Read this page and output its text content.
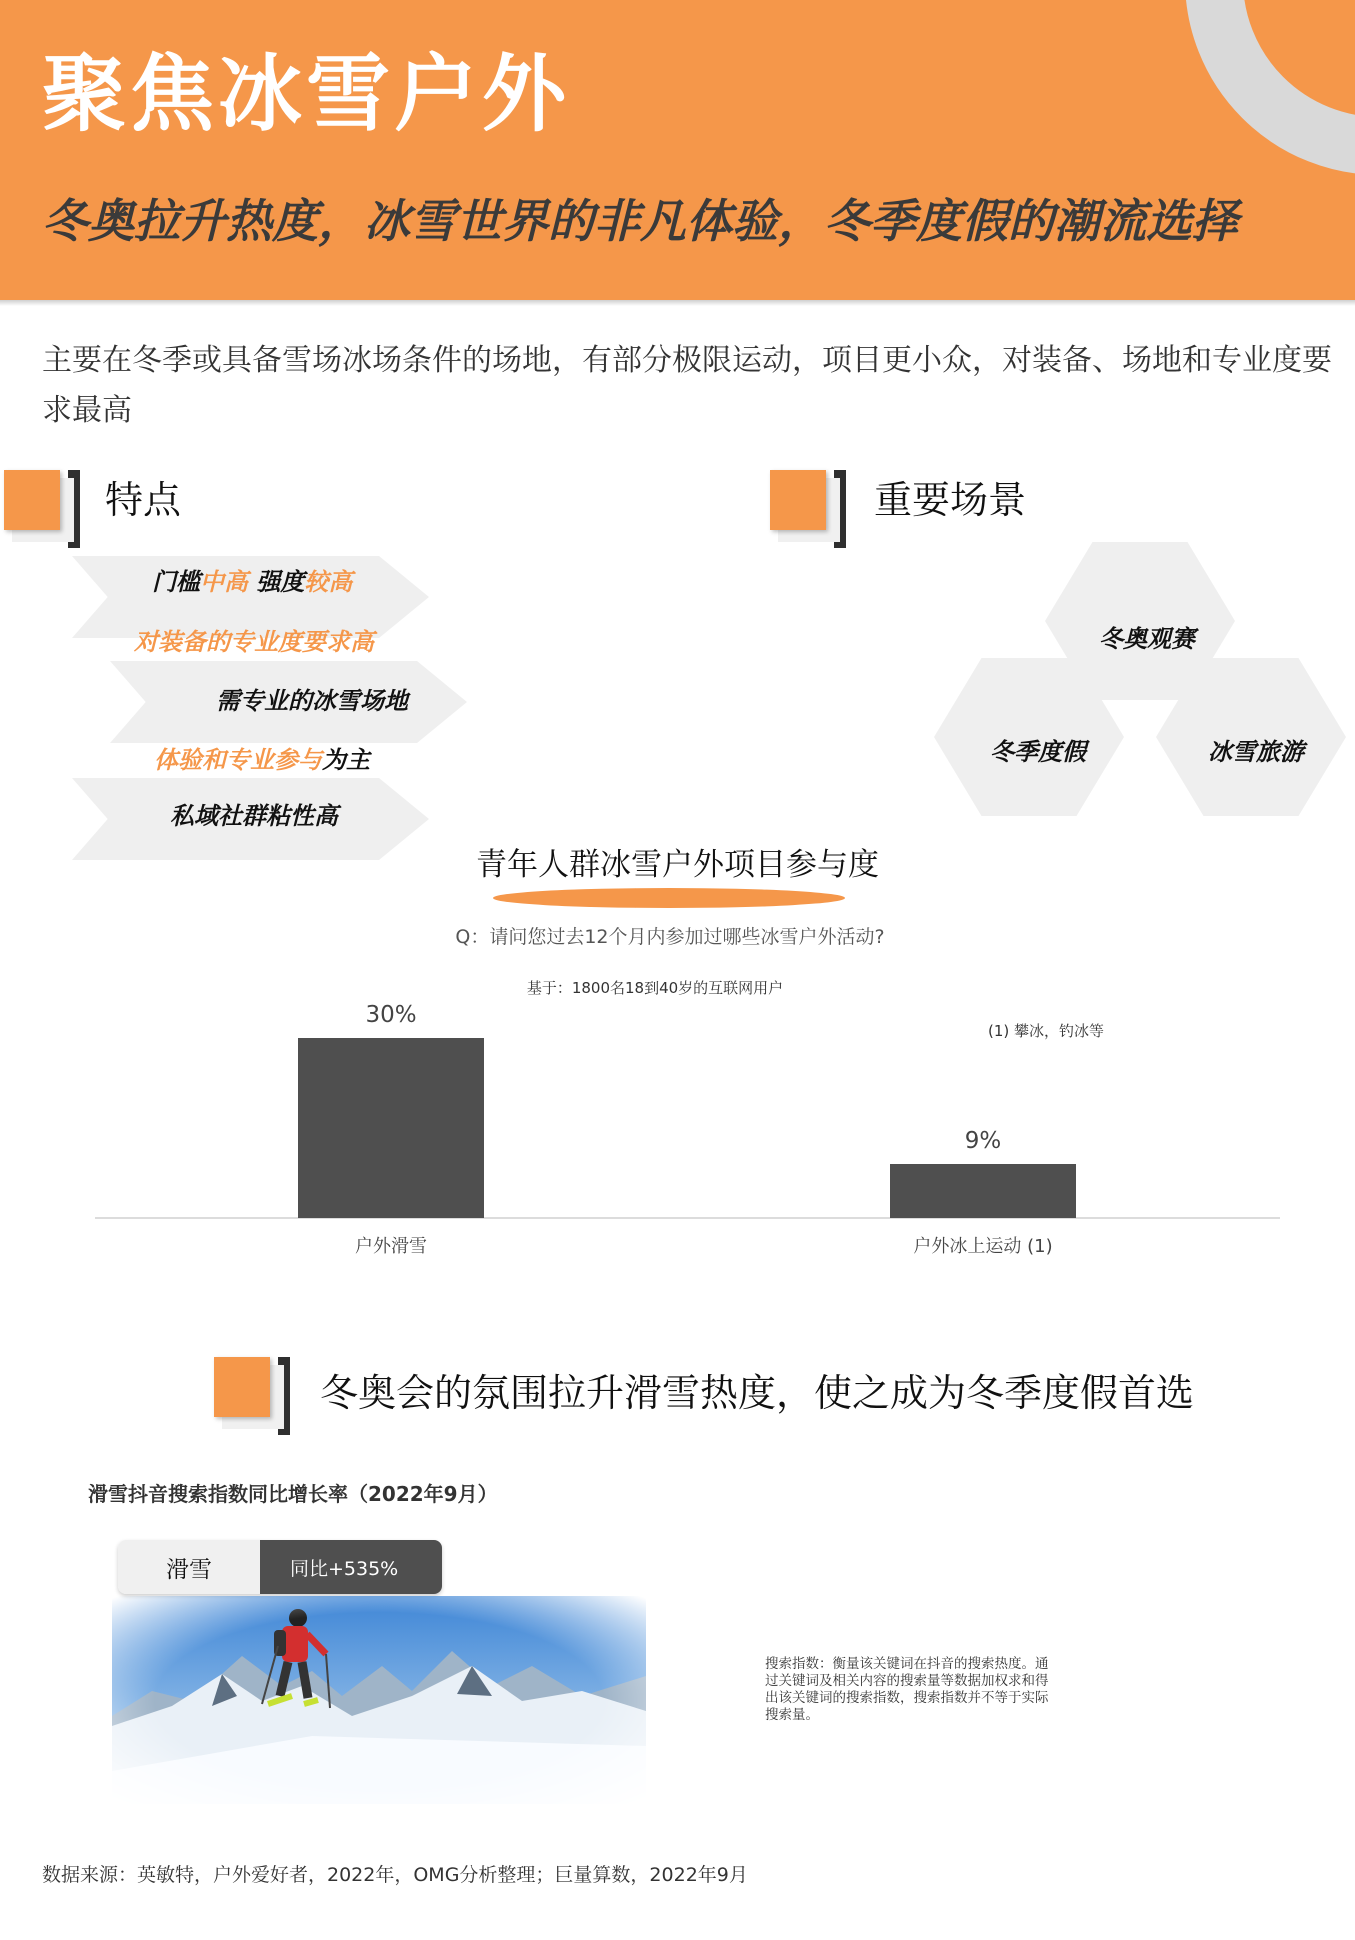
聚焦冰雪户外
冬奥拉升热度，冰雪世界的非凡体验，冬季度假的潮流选择
主要在冬季或具备雪场冰场条件的场地，有部分极限运动，项目更小众，对装备、场地和专业度要求最高
特点	重要场景
门槛中高 强度较高
对装备的专业度要求高
需专业的冰雪场地
体验和专业参与为主
私域社群粘性高
冬奥观赛
冬季度假	冰雪旅游
青年人群冰雪户外项目参与度
Q：请问您过去12个月内参加过哪些冰雪户外活动?
基于：1800名18到40岁的互联网用户
(1) 攀冰，钓冰等
30%
户外滑雪
9%
户外冰上运动 (1)
冬奥会的氛围拉升滑雪热度，使之成为冬季度假首选
滑雪抖音搜索指数同比增长率（2022年9月）
滑雪	同比+535%
搜索指数：衡量该关键词在抖音的搜索热度。通过关键词及相关内容的搜索量等数据加权求和得出该关键词的搜索指数，搜索指数并不等于实际搜索量。
数据来源：英敏特，户外爱好者，2022年，OMG分析整理；巨量算数，2022年9月
